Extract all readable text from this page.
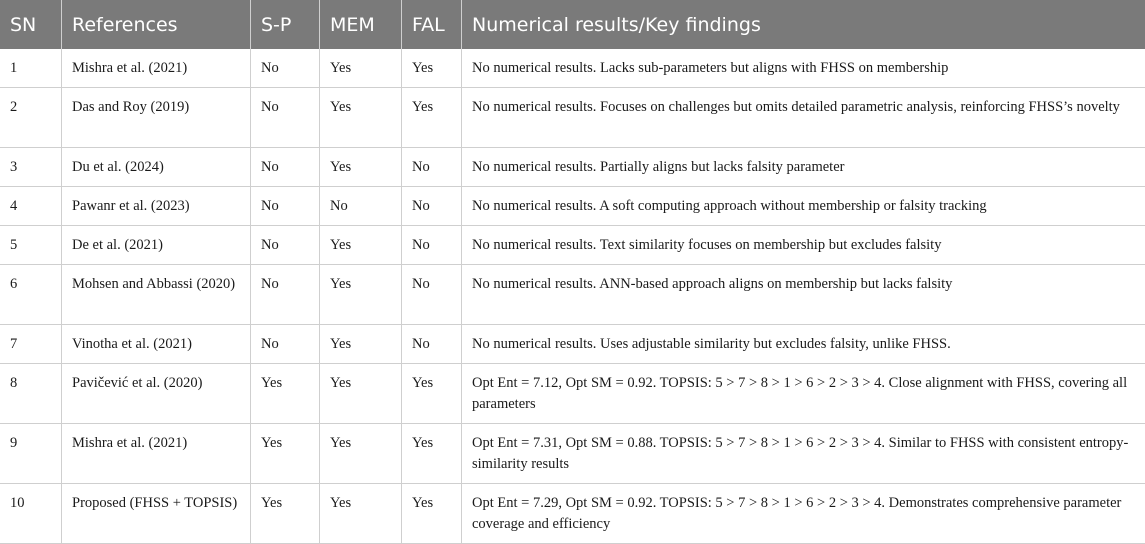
SN	References	S-P	MEM	FAL	Numerical results/Key findings
1	Mishra et al. (2021)	No	Yes	Yes	No numerical results. Lacks sub-parameters but aligns with FHSS on membership
2	Das and Roy (2019)	No	Yes	Yes	No numerical results. Focuses on challenges but omits detailed parametric analysis, reinforcing FHSS’s novelty
3	Du et al. (2024)	No	Yes	No	No numerical results. Partially aligns but lacks falsity parameter
4	Pawanr et al. (2023)	No	No	No	No numerical results. A soft computing approach without membership or falsity tracking
5	De et al. (2021)	No	Yes	No	No numerical results. Text similarity focuses on membership but excludes falsity
6	Mohsen and Abbassi (2020)	No	Yes	No	No numerical results. ANN-based approach aligns on membership but lacks falsity
7	Vinotha et al. (2021)	No	Yes	No	No numerical results. Uses adjustable similarity but excludes falsity, unlike FHSS.
8	Pavičević et al. (2020)	Yes	Yes	Yes	Opt Ent = 7.12, Opt SM = 0.92. TOPSIS: 5 > 7 > 8 > 1 > 6 > 2 > 3 > 4. Close alignment with FHSS, covering all parameters
9	Mishra et al. (2021)	Yes	Yes	Yes	Opt Ent = 7.31, Opt SM = 0.88. TOPSIS: 5 > 7 > 8 > 1 > 6 > 2 > 3 > 4. Similar to FHSS with consistent entropy-similarity results
10	Proposed (FHSS + TOPSIS)	Yes	Yes	Yes	Opt Ent = 7.29, Opt SM = 0.92. TOPSIS: 5 > 7 > 8 > 1 > 6 > 2 > 3 > 4. Demonstrates comprehensive parameter coverage and efficiency
